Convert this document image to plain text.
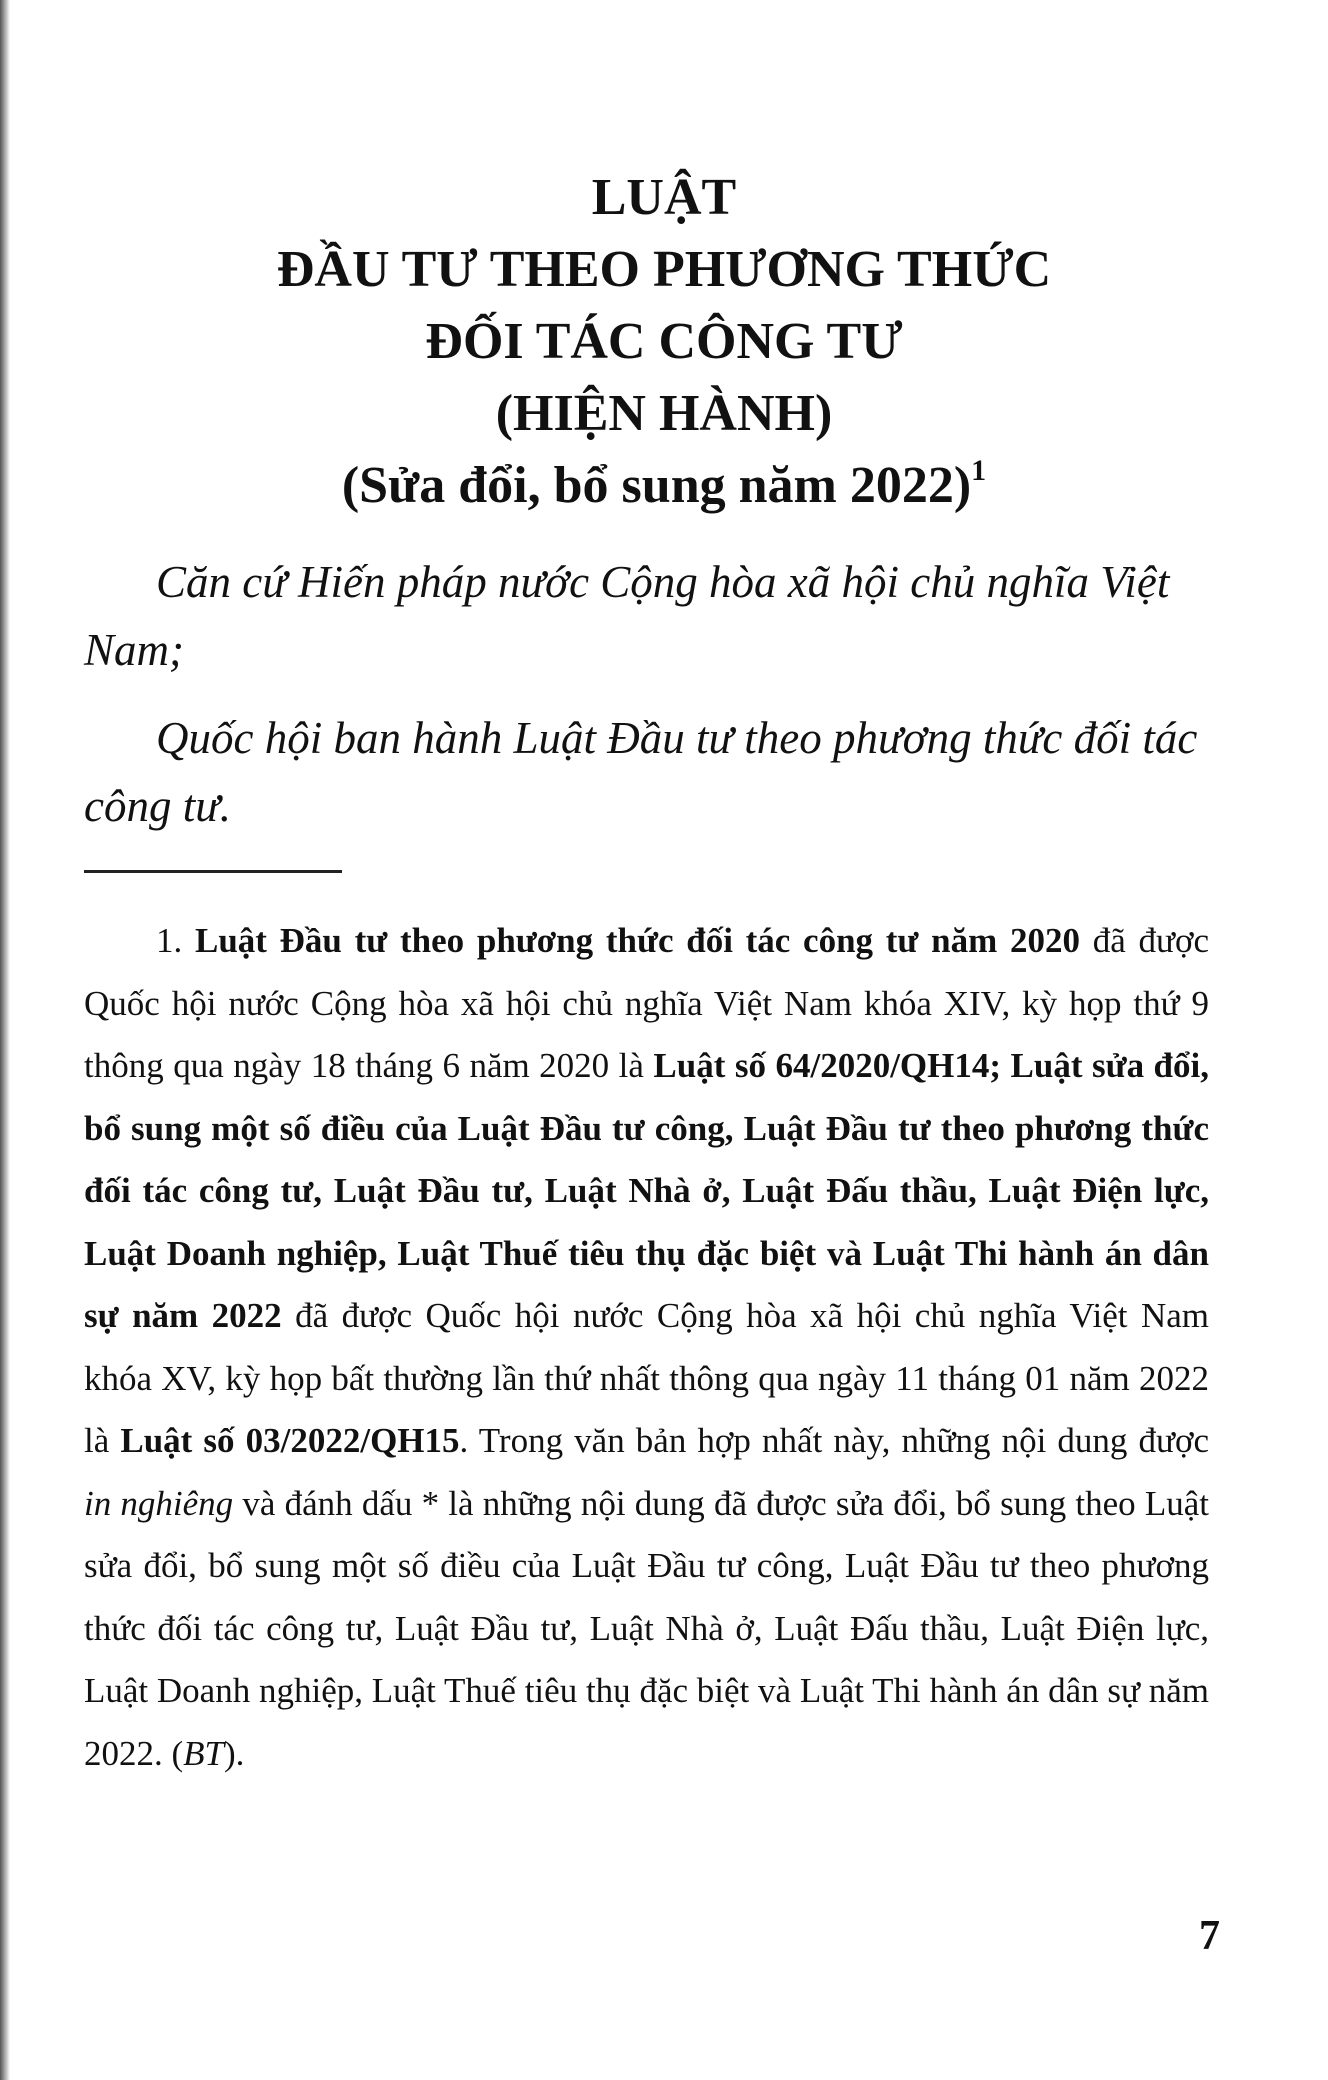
LUẬT
ĐẦU TƯ THEO PHƯƠNG THỨC
ĐỐI TÁC CÔNG TƯ
(HIỆN HÀNH)
(Sửa đổi, bổ sung năm 2022)$^1$

Căn cứ Hiến pháp nước Cộng hòa xã hội chủ nghĩa Việt Nam;

Quốc hội ban hành Luật Đầu tư theo phương thức đối tác công tư.

1. Luật Đầu tư theo phương thức đối tác công tư năm 2020 đã được Quốc hội nước Cộng hòa xã hội chủ nghĩa Việt Nam khóa XIV, kỳ họp thứ 9 thông qua ngày 18 tháng 6 năm 2020 là Luật số 64/2020/QH14; Luật sửa đổi, bổ sung một số điều của Luật Đầu tư công, Luật Đầu tư theo phương thức đối tác công tư, Luật Đầu tư, Luật Nhà ở, Luật Đấu thầu, Luật Điện lực, Luật Doanh nghiệp, Luật Thuế tiêu thụ đặc biệt và Luật Thi hành án dân sự năm 2022 đã được Quốc hội nước Cộng hòa xã hội chủ nghĩa Việt Nam khóa XV, kỳ họp bất thường lần thứ nhất thông qua ngày 11 tháng 01 năm 2022 là Luật số 03/2022/QH15. Trong văn bản hợp nhất này, những nội dung được in nghiêng và đánh dấu * là những nội dung đã được sửa đổi, bổ sung theo Luật sửa đổi, bổ sung một số điều của Luật Đầu tư công, Luật Đầu tư theo phương thức đối tác công tư, Luật Đầu tư, Luật Nhà ở, Luật Đấu thầu, Luật Điện lực, Luật Doanh nghiệp, Luật Thuế tiêu thụ đặc biệt và Luật Thi hành án dân sự năm 2022. (BT).

7
